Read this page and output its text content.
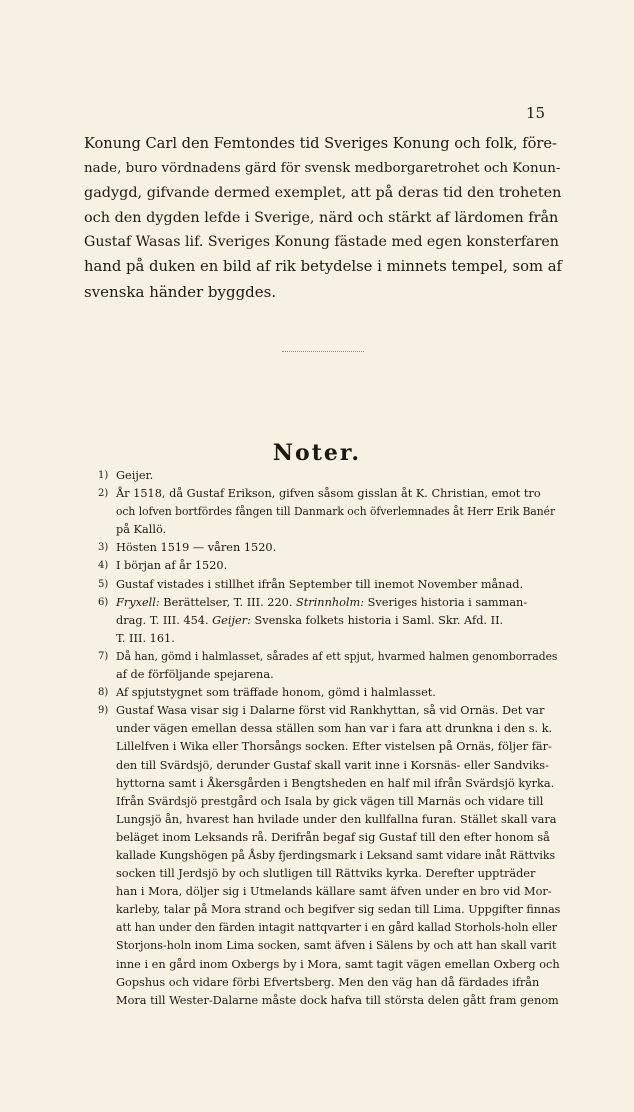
15
Konung Carl den Femtondes tid Sveriges Konung och folk, före-
nade, buro vördnadens gärd för svensk medborgaretrohet och Konun-
gadygd, gifvande dermed exemplet, att på deras tid den troheten
och den dygden lefde i Sverige, närd och stärkt af lärdomen från
Gustaf Wasas lif. Sveriges Konung fästade med egen konsterfaren
hand på duken en bild af rik betydelse i minnets tempel, som af
svenska händer byggdes.
Noter.
1) Geijer.
2) År 1518, då Gustaf Erikson, gifven såsom gisslan åt K. Christian, emot tro
och lofven bortfördes fången till Danmark och öfverlemnades åt Herr Erik Banér
på Kallö.
3) Hösten 1519 — våren 1520.
4) I början af år 1520.
5) Gustaf vistades i stillhet ifrån September till inemot November månad.
6) Fryxell: Berättelser, T. III. 220. Strinnholm: Sveriges historia i samman-
drag. T. III. 454. Geijer: Svenska folkets historia i Saml. Skr. Afd. II.
T. III. 161.
7) Då han, gömd i halmlasset, sårades af ett spjut, hvarmed halmen genomborrades
af de förföljande spejarena.
8) Af spjutstygnet som träffade honom, gömd i halmlasset.
9) Gustaf Wasa visar sig i Dalarne först vid Rankhyttan, så vid Ornäs. Det var
under vägen emellan dessa ställen som han var i fara att drunkna i den s. k.
Lillelfven i Wika eller Thorsångs socken. Efter vistelsen på Ornäs, följer fär-
den till Svärdsjö, derunder Gustaf skall varit inne i Korsnäs- eller Sandviks-
hyttorna samt i Åkersgården i Bengtsheden en half mil ifrån Svärdsjö kyrka.
Ifrån Svärdsjö prestgård och Isala by gick vägen till Marnäs och vidare till
Lungsjö ån, hvarest han hvilade under den kullfallna furan. Stället skall vara
beläget inom Leksands rå. Derifrån begaf sig Gustaf till den efter honom så
kallade Kungshögen på Åsby fjerdingsmark i Leksand samt vidare inåt Rättviks
socken till Jerdsjö by och slutligen till Rättviks kyrka. Derefter uppträder
han i Mora, döljer sig i Utmelands källare samt äfven under en bro vid Mor-
karleby, talar på Mora strand och begifver sig sedan till Lima. Uppgifter finnas
att han under den färden intagit nattqvarter i en gård kallad Storhols-holn eller
Storjons-holn inom Lima socken, samt äfven i Sälens by och att han skall varit
inne i en gård inom Oxbergs by i Mora, samt tagit vägen emellan Oxberg och
Gopshus och vidare förbi Efvertsberg. Men den väg han då färdades ifrån
Mora till Wester-Dalarne måste dock hafva till största delen gått fram genom
